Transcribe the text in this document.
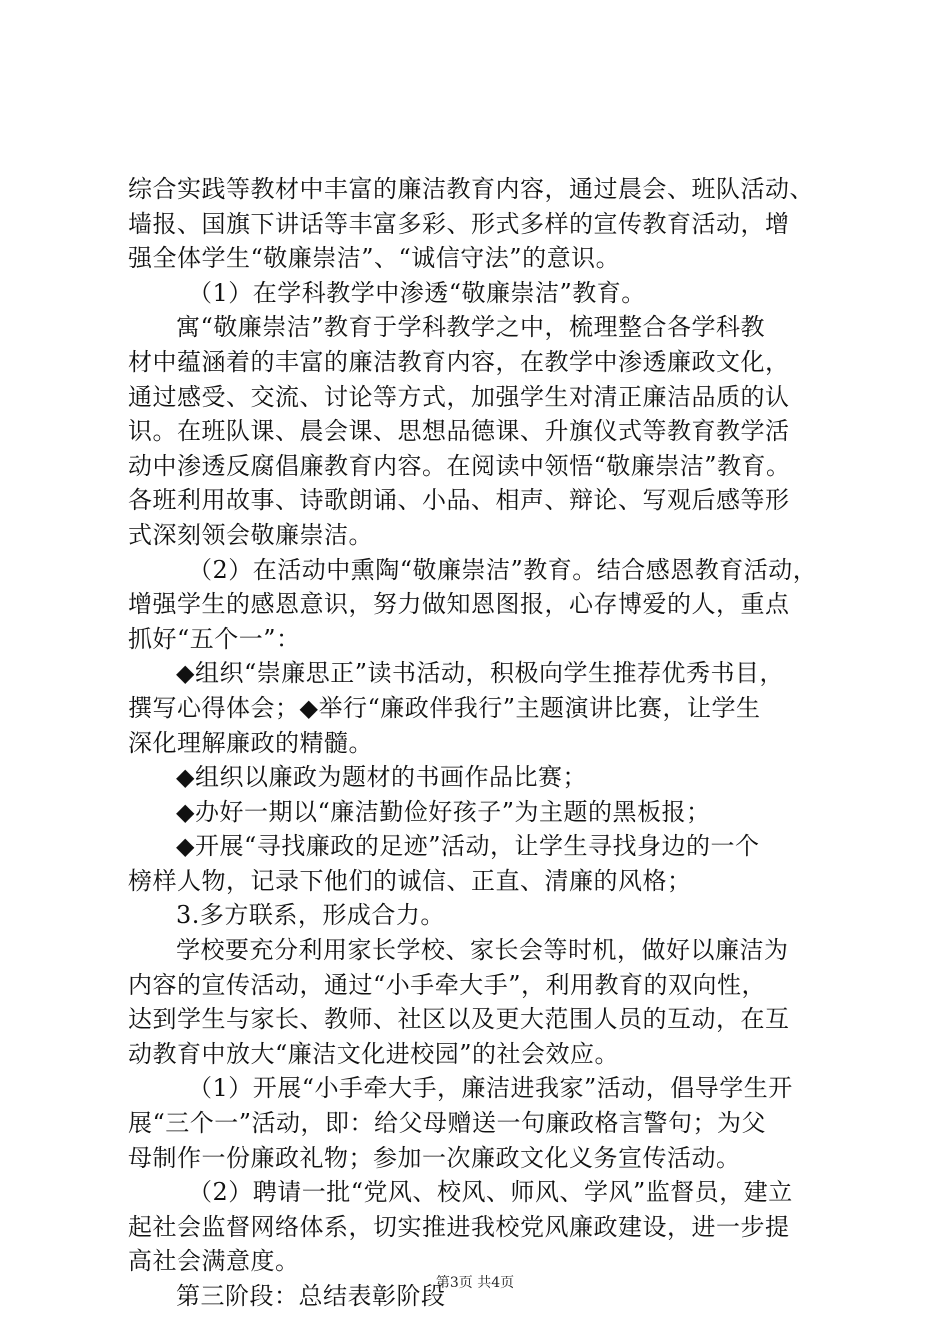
综合实践等教材中丰富的廉洁教育内容，通过晨会、班队活动、
墙报、国旗下讲话等丰富多彩、形式多样的宣传教育活动，增
强全体学生“敬廉崇洁”、“诚信守法”的意识。
（1）在学科教学中渗透“敬廉崇洁”教育。
寓“敬廉崇洁”教育于学科教学之中，梳理整合各学科教
材中蕴涵着的丰富的廉洁教育内容，在教学中渗透廉政文化，
通过感受、交流、讨论等方式，加强学生对清正廉洁品质的认
识。在班队课、晨会课、思想品德课、升旗仪式等教育教学活
动中渗透反腐倡廉教育内容。在阅读中领悟“敬廉崇洁”教育。
各班利用故事、诗歌朗诵、小品、相声、辩论、写观后感等形
式深刻领会敬廉崇洁。
（2）在活动中熏陶“敬廉崇洁”教育。结合感恩教育活动，
增强学生的感恩意识，努力做知恩图报，心存博爱的人，重点
抓好“五个一”：
◆组织“崇廉思正”读书活动，积极向学生推荐优秀书目，
撰写心得体会；◆举行“廉政伴我行”主题演讲比赛，让学生
深化理解廉政的精髓。
◆组织以廉政为题材的书画作品比赛；
◆办好一期以“廉洁勤俭好孩子”为主题的黑板报；
◆开展“寻找廉政的足迹”活动，让学生寻找身边的一个
榜样人物，记录下他们的诚信、正直、清廉的风格；
3.多方联系，形成合力。
学校要充分利用家长学校、家长会等时机，做好以廉洁为
内容的宣传活动，通过“小手牵大手”，利用教育的双向性，
达到学生与家长、教师、社区以及更大范围人员的互动，在互
动教育中放大“廉洁文化进校园”的社会效应。
（1）开展“小手牵大手，廉洁进我家”活动，倡导学生开
展“三个一”活动，即：给父母赠送一句廉政格言警句；为父
母制作一份廉政礼物；参加一次廉政文化义务宣传活动。
（2）聘请一批“党风、校风、师风、学风”监督员，建立
起社会监督网络体系，切实推进我校党风廉政建设，进一步提
高社会满意度。
第三阶段：总结表彰阶段
第3页 共4页
